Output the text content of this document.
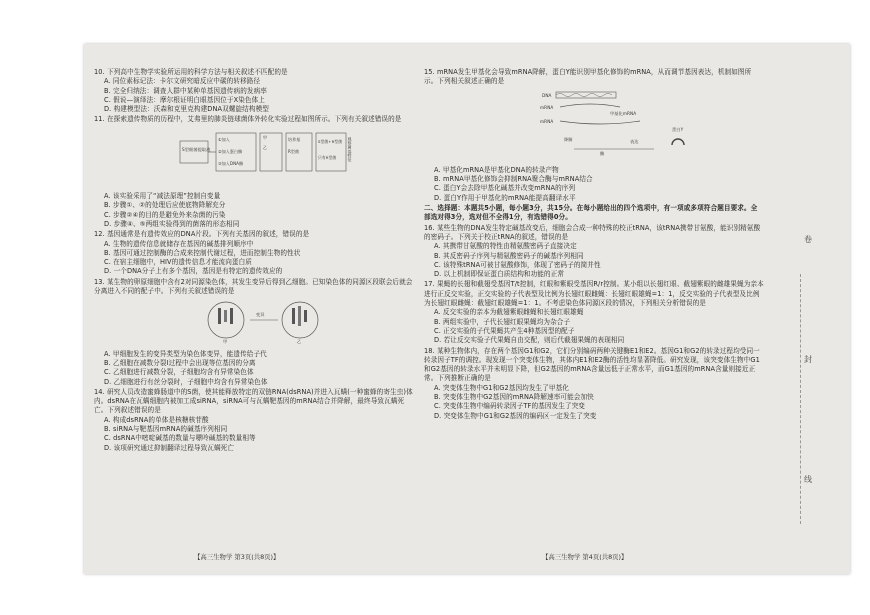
10. 下列高中生物学实验所运用的科学方法与相关叙述不匹配的是
A. 同位素标记法：卡尔文研究暗反应中碳的转移路径
B. 完全归纳法：调查人群中某种单基因遗传病的发病率
C. 假说—演绎法：摩尔根证明白眼基因位于X染色体上
D. 构建模型法：沃森和克里克构建DNA双螺旋结构模型
11. 在探索遗传物质的历程中，艾弗里的肺炎链球菌体外转化实验过程如图所示。下列有关叙述错误的是
S型细菌提取液
①加入
②加入蛋白酶
③加入DNA酶
甲
乙
培养基
R型菌
S型菌+R型菌
只有R型菌	观察菌落特征
A. 该实验采用了“减法原理”控制自变量
B. 步骤①、②的处理后应使底物降解充分
C. 步骤②④的目的是避免外来杂菌的污染
D. 步骤④、⑤两组实验得到的菌落的形态相同
12. 基因通常是有遗传效应的DNA片段。下列有关基因的叙述，错误的是
A. 生物的遗传信息就储存在基因的碱基排列顺序中
B. 基因可通过控制酶的合成来控制代谢过程，进而控制生物的性状
C. 在宿主细胞中，HIV的遗传信息才能流向蛋白质
D. 一个DNA分子上有多个基因，基因是有特定的遗传效应的
13. 某生物的卵原细胞中含有2对同源染色体，其发生变异后得到乙细胞。已知染色体的同源区段联会后就会分离进入不同的配子中。下列有关叙述错误的是
甲
变异
乙
A. 甲细胞发生的变异类型为染色体变异，能遗传给子代
B. 乙细胞在减数分裂Ⅰ过程中会出现等位基因的分离
C. 乙细胞进行减数分裂，子细胞均含有异常染色体
D. 乙细胞进行有丝分裂时，子细胞中均含有异常染色体
14. 研究人员改造蜜蜂肠道中的S菌，使其能释放特定的双链RNA(dsRNA)并进入瓦螨(一种蜜蜂的寄生虫)体内。dsRNA在瓦螨细胞内被加工成siRNA，siRNA可与瓦螨靶基因的mRNA结合并降解，最终导致瓦螨死亡。下列叙述错误的是
A. 构成dsRNA的单体是核糖核苷酸
B. siRNA与靶基因mRNA的碱基序列相同
C. dsRNA中嘧啶碱基的数量与嘌呤碱基的数量相等
D. 该项研究通过抑制翻译过程导致瓦螨死亡
【高三生物学 第3页(共8页)】
15. mRNA发生甲基化会导致mRNA降解，蛋白Y能识别甲基化修饰的mRNA，从而调节基因表达，机制如图所示。下列相关叙述正确的是
DNA
mRNA
mRNA
甲基化mRNA
蛋白Y
降解	表达
酶
A. 甲基化mRNA是甲基化DNA的转录产物
B. mRNA甲基化修饰会抑制RNA聚合酶与mRNA结合
C. 蛋白Y会去除甲基化碱基并改变mRNA的序列
D. 蛋白Y作用于甲基化的mRNA能提高翻译水平
二、选择题：本题共5小题，每小题3分，共15分。在每小题给出的四个选项中，有一项或多项符合题目要求。全部选对得3分，选对但不全得1分，有选错得0分。
16. 某些生物的DNA发生特定碱基改变后，细胞会合成一种特殊的校正tRNA，该tRNA携带甘氨酸，能识别精氨酸的密码子。下列关于校正tRNA的叙述，错误的是
A. 其携带甘氨酸的特性由精氨酸密码子直接决定
B. 其反密码子序列与精氨酸密码子的碱基序列相同
C. 该特殊tRNA可被甘氨酸修饰，体现了密码子的简并性
D. 以上机制即保证蛋白质结构和功能的正常
17. 果蝇的长翅和截翅受基因T/t控制，红眼和紫眼受基因R/r控制。某小组以长翅红眼、截翅紫眼的雌雄果蝇为亲本进行正反交实验，正交实验的子代表型及比例为长翅红眼雌蝇：长翅红眼雄蝇=1：1，反交实验的子代表型及比例为长翅红眼雌蝇：截翅红眼雄蝇=1：1。不考虑染色体同源区段的情况，下列相关分析错误的是
A. 反交实验的亲本为截翅紫眼雌蝇和长翅红眼雄蝇
B. 两组实验中，子代长翅红眼果蝇均为杂合子
C. 正交实验的子代果蝇共产生4种基因型的配子
D. 若让反交实验子代果蝇自由交配，则后代截翅果蝇的表现相同
18. 某种生物体内，存在两个基因G1和G2，它们分别编码两种关键酶E1和E2。基因G1和G2的转录过程均受同一转录因子TF的调控。现发现一个突变体生物，其体内E1和E2酶的活性均显著降低。研究发现，该突变体生物中G1和G2基因的转录水平并未明显下降，但G2基因的mRNA含量远低于正常水平，而G1基因的mRNA含量则接近正常。下列推断正确的是
A. 突变体生物中G1和G2基因均发生了甲基化
B. 突变体生物中G2基因的mRNA降解速率可能会加快
C. 突变体生物中编码转录因子TF的基因发生了突变
D. 突变体生物中G1和G2基因的编码区一定发生了突变
【高三生物学 第4页(共8页)】
卷
封
线
